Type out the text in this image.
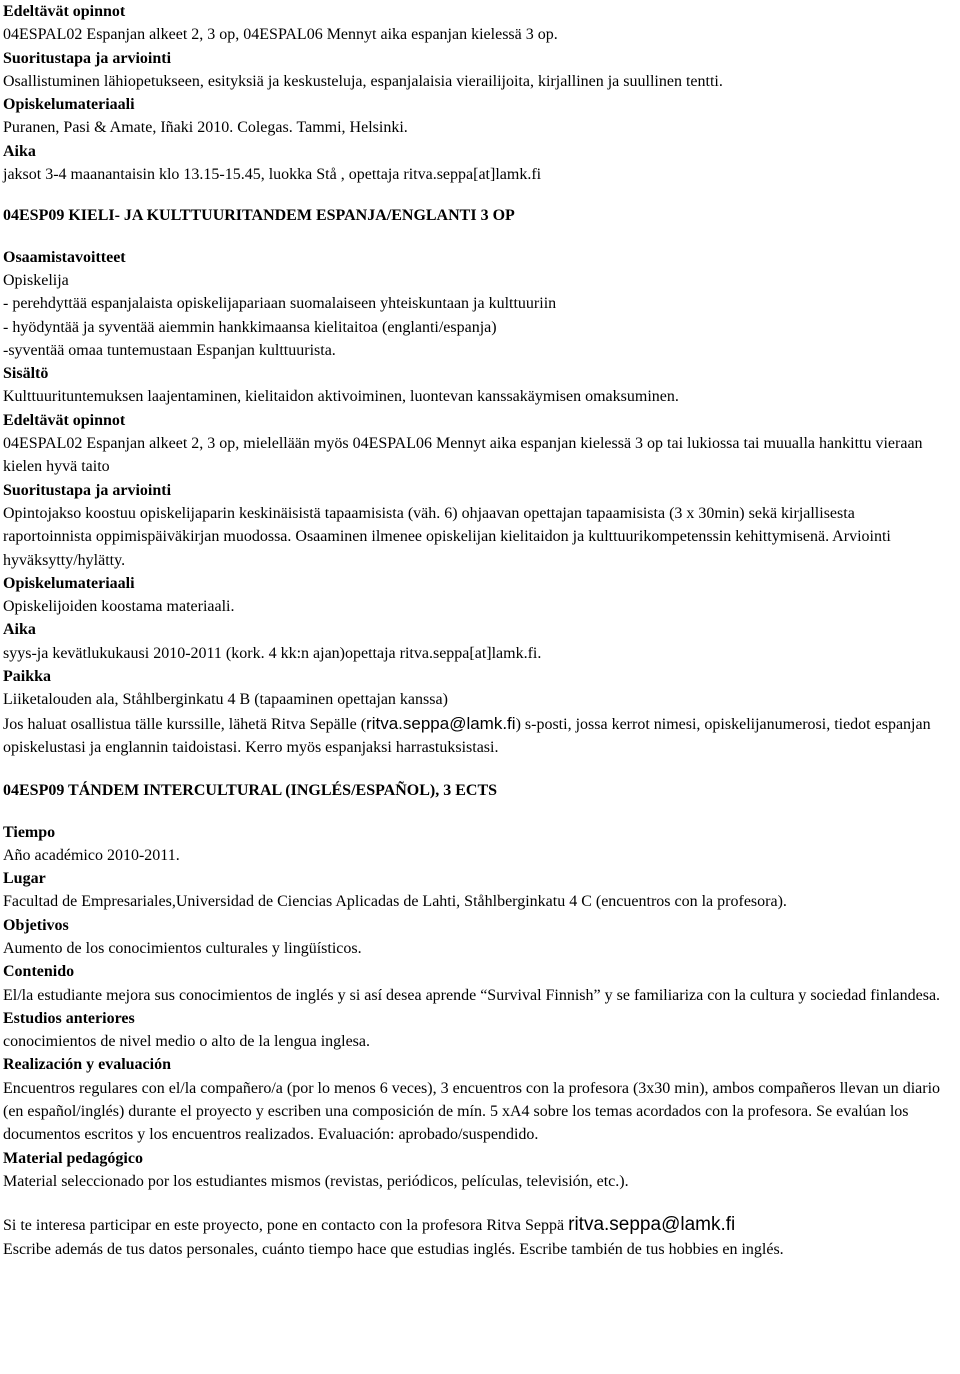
Edeltävät opinnot
04ESPAL02 Espanjan alkeet 2, 3 op, 04ESPAL06 Mennyt aika espanjan kielessä 3 op.
Suoritustapa ja arviointi
Osallistuminen lähiopetukseen, esityksiä ja keskusteluja, espanjalaisia vierailijoita, kirjallinen ja suullinen tentti.
Opiskelumateriaali
Puranen, Pasi & Amate, Iñaki 2010. Colegas. Tammi, Helsinki.
Aika
jaksot 3-4 maanantaisin klo 13.15-15.45, luokka Stå , opettaja ritva.seppa[at]lamk.fi
04ESP09 KIELI- JA KULTTUURITANDEM ESPANJA/ENGLANTI 3 OP
Osaamistavoitteet
Opiskelija
- perehdyttää espanjalaista opiskelijapariaan suomalaiseen yhteiskuntaan ja kulttuuriin
- hyödyntää ja syventää aiemmin hankkimaansa kielitaitoa (englanti/espanja)
-syventää omaa tuntemustaan Espanjan kulttuurista.
Sisältö
Kulttuurituntemuksen laajentaminen, kielitaidon aktivoiminen, luontevan kanssakäymisen omaksuminen.
Edeltävät opinnot
04ESPAL02 Espanjan alkeet 2, 3 op, mielellään myös 04ESPAL06 Mennyt aika espanjan kielessä 3 op tai lukiossa tai muualla hankittu vieraan kielen hyvä taito
Suoritustapa ja arviointi
Opintojakso koostuu opiskelijaparin keskinäisistä tapaamisista (väh. 6) ohjaavan opettajan tapaamisista (3 x 30min) sekä kirjallisesta raportoinnista oppimispäiväkirjan muodossa. Osaaminen ilmenee opiskelijan kielitaidon ja kulttuurikompetenssin kehittymisenä. Arviointi hyväksytty/hylätty.
Opiskelumateriaali
Opiskelijoiden koostama materiaali.
Aika
syys-ja kevätlukukausi 2010-2011 (kork. 4 kk:n ajan)opettaja ritva.seppa[at]lamk.fi.
Paikka
Liiketalouden ala, Ståhlberginkatu 4 B (tapaaminen opettajan kanssa)
Jos haluat osallistua tälle kurssille, lähetä Ritva Sepälle (ritva.seppa@lamk.fi) s-posti, jossa kerrot nimesi, opiskelijanumerosi, tiedot espanjan opiskelustasi ja englannin taidoistasi. Kerro myös espanjaksi harrastuksistasi.
04ESP09 TÁNDEM INTERCULTURAL (INGLÉS/ESPAÑOL), 3 ECTS
Tiempo
Año académico 2010-2011.
Lugar
Facultad de Empresariales,Universidad de Ciencias Aplicadas de Lahti, Ståhlberginkatu 4 C (encuentros con la profesora).
Objetivos
Aumento de los conocimientos culturales y lingüísticos.
Contenido
El/la estudiante mejora sus conocimientos de inglés y si así desea aprende “Survival Finnish” y se familiariza con la cultura y sociedad finlandesa.
Estudios anteriores
conocimientos de nivel medio o alto de la lengua inglesa.
Realización y evaluación
Encuentros regulares con el/la compañero/a (por lo menos 6 veces), 3 encuentros con la profesora (3x30 min), ambos compañeros llevan un diario (en español/inglés) durante el proyecto y escriben una composición de mín. 5 xA4 sobre los temas acordados con la profesora. Se evalúan los documentos escritos y los encuentros realizados. Evaluación: aprobado/suspendido.
Material pedagógico
Material seleccionado por los estudiantes mismos (revistas, periódicos, películas, televisión, etc.).
Si te interesa participar en este proyecto, pone en contacto con la profesora Ritva Seppä ritva.seppa@lamk.fi
Escribe además de tus datos personales, cuánto tiempo hace que estudias inglés. Escribe también de tus hobbies en inglés.
